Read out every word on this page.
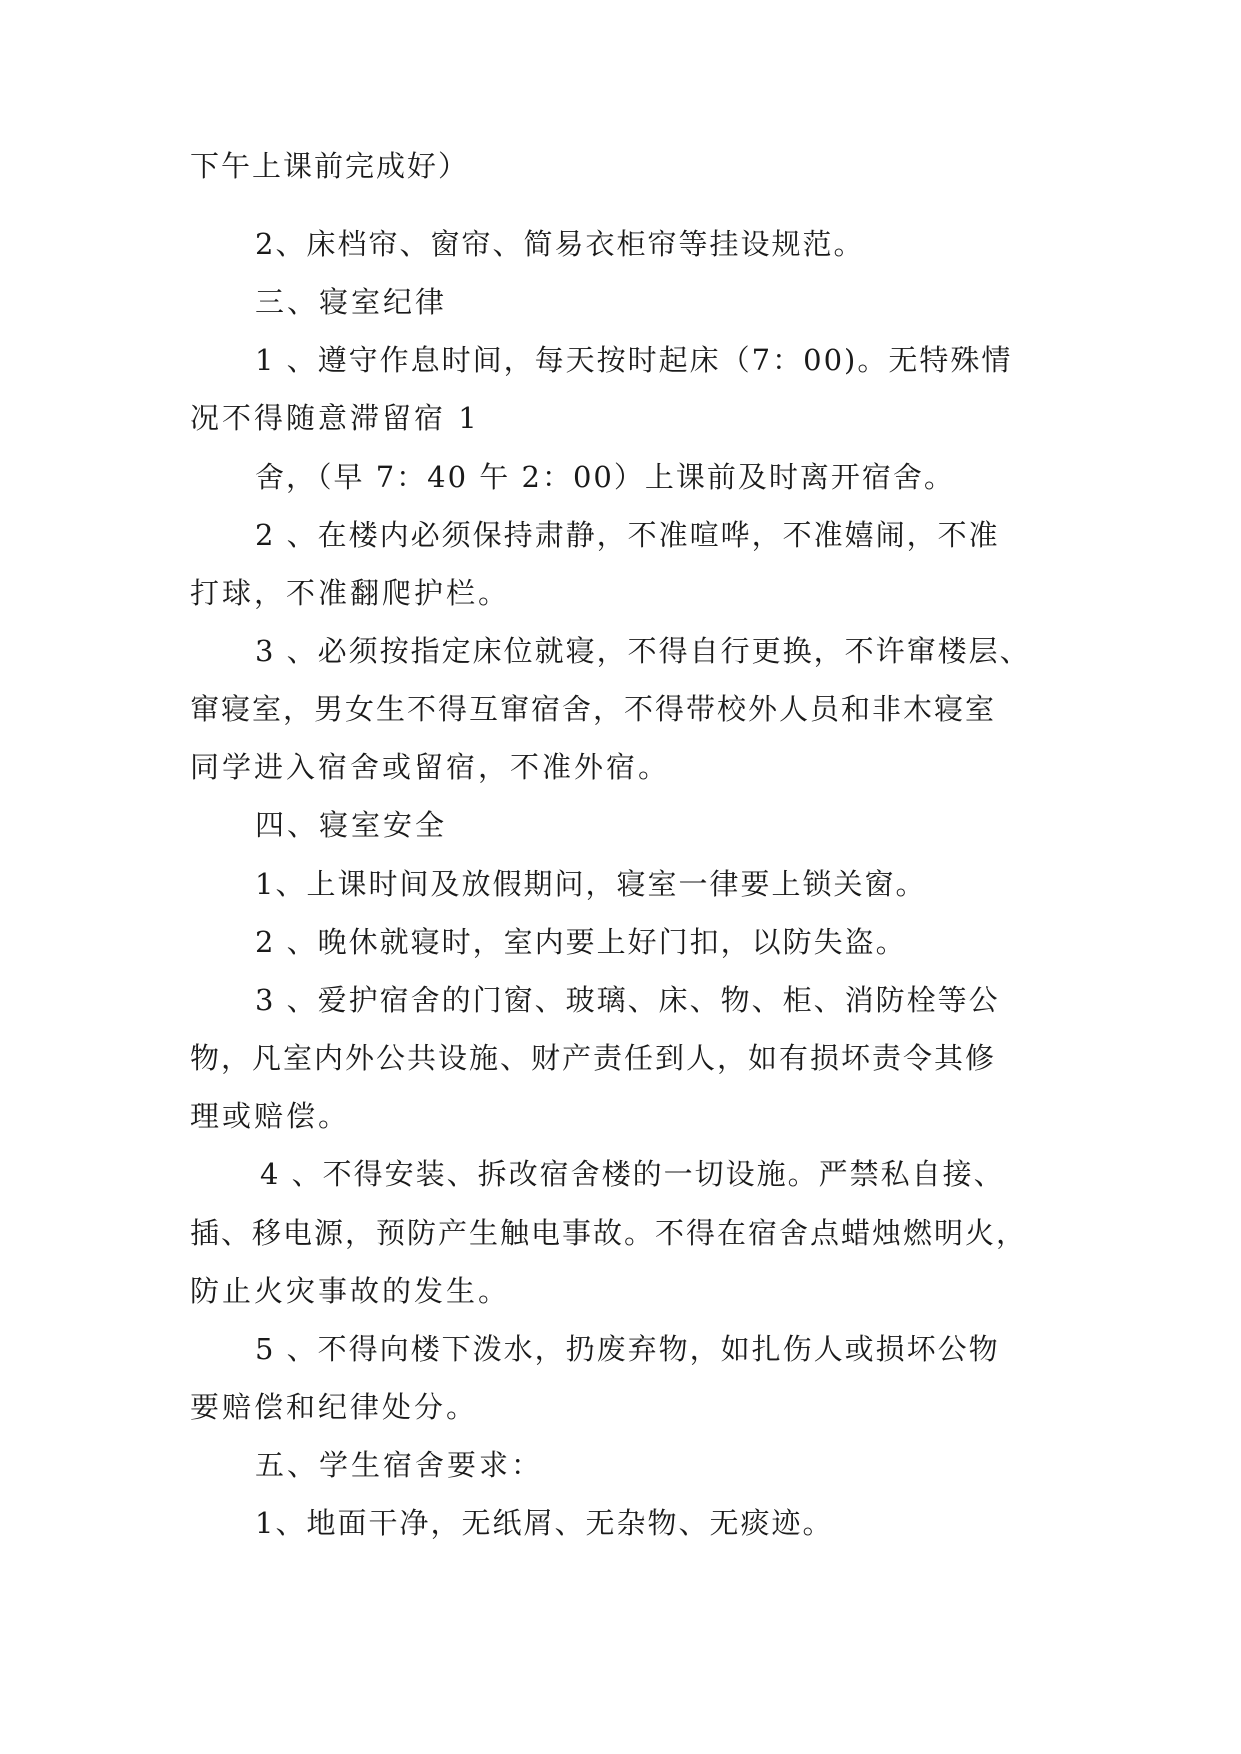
下午上课前完成好）
2、床档帘、窗帘、简易衣柜帘等挂设规范。
三、寝室纪律
1 、遵守作息时间，每天按时起床（7：00)。无特殊情
况不得随意滞留宿 1
舍，（早 7：40 午 2：00）上课前及时离开宿舍。
2 、在楼内必须保持肃静，不准喧哗，不准嬉闹，不准
打球，不准翻爬护栏。
3 、必须按指定床位就寝，不得自行更换，不许窜楼层、
窜寝室，男女生不得互窜宿舍，不得带校外人员和非木寝室
同学进入宿舍或留宿，不准外宿。
四、寝室安全
1、上课时间及放假期问，寝室一律要上锁关窗。
2 、晚休就寝时，室内要上好门扣，以防失盗。
3 、爱护宿舍的门窗、玻璃、床、物、柜、消防栓等公
物，凡室内外公共设施、财产责任到人，如有损坏责令其修
理或赔偿。
4 、不得安装、拆改宿舍楼的一切设施。严禁私自接、
插、移电源，预防产生触电事故。不得在宿舍点蜡烛燃明火，
防止火灾事故的发生。
5 、不得向楼下泼水，扔废弃物，如扎伤人或损坏公物
要赔偿和纪律处分。
五、学生宿舍要求：
1、地面干净，无纸屑、无杂物、无痰迹。
